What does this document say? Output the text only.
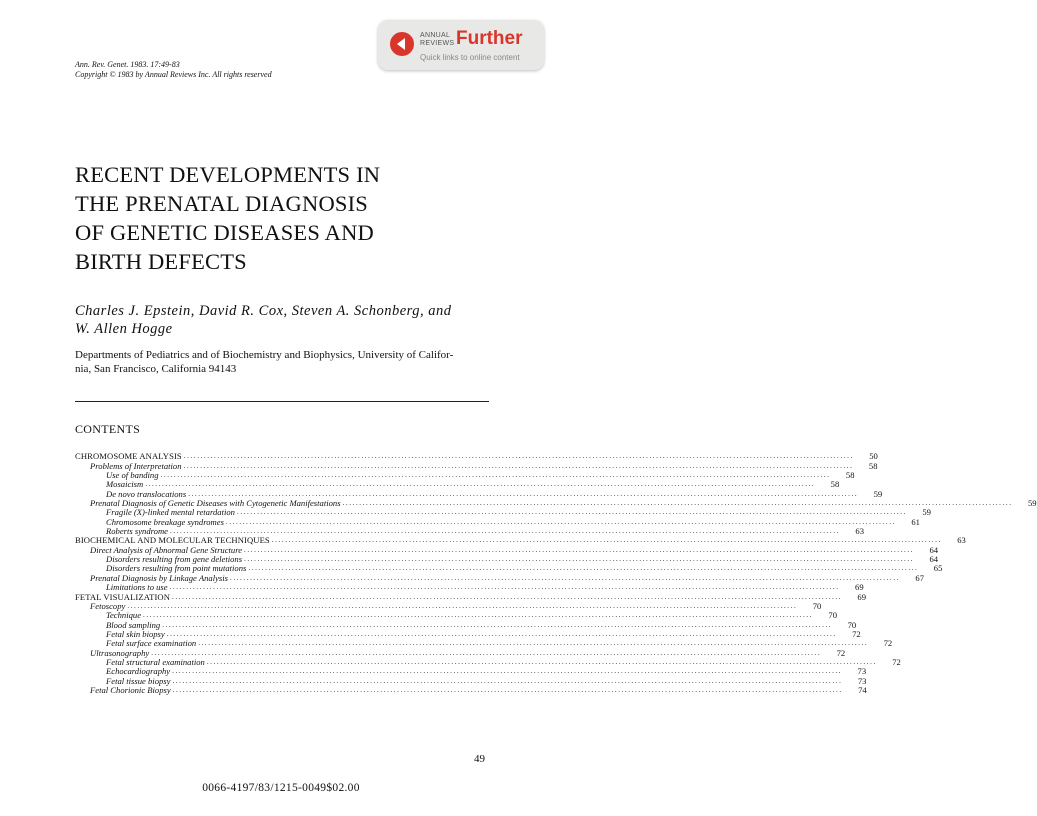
ANNUAL
REVIEWS Further
Quick links to online content
Ann. Rev. Genet. 1983. 17:49-83
Copyright © 1983 by Annual Reviews Inc. All rights reserved
RECENT DEVELOPMENTS IN
THE PRENATAL DIAGNOSIS
OF GENETIC DISEASES AND
BIRTH DEFECTS
Charles J. Epstein, David R. Cox, Steven A. Schonberg, and
W. Allen Hogge
Departments of Pediatrics and of Biochemistry and Biophysics, University of Califor-
nia, San Francisco, California 94143
CONTENTS
CHROMOSOME ANALYSIS ........................................................................................................................................................................................................	50
Problems of Interpretation ........................................................................................................................................................................................................	58
Use of banding ........................................................................................................................................................................................................	58
Mosaicism ........................................................................................................................................................................................................	58
De novo translocations ........................................................................................................................................................................................................	59
Prenatal Diagnosis of Genetic Diseases with Cytogenetic Manifestations ........................................................................................................................................................................................................	59
Fragile (X)-linked mental retardation ........................................................................................................................................................................................................	59
Chromosome breakage syndromes ........................................................................................................................................................................................................	61
Roberts syndrome ........................................................................................................................................................................................................	63
BIOCHEMICAL AND MOLECULAR TECHNIQUES ........................................................................................................................................................................................................	63
Direct Analysis of Abnormal Gene Structure ........................................................................................................................................................................................................	64
Disorders resulting from gene deletions ........................................................................................................................................................................................................	64
Disorders resulting from point mutations ........................................................................................................................................................................................................	65
Prenatal Diagnosis by Linkage Analysis ........................................................................................................................................................................................................	67
Limitations to use ........................................................................................................................................................................................................	69
FETAL VISUALIZATION ........................................................................................................................................................................................................	69
Fetoscopy ........................................................................................................................................................................................................	70
Technique ........................................................................................................................................................................................................	70
Blood sampling ........................................................................................................................................................................................................	70
Fetal skin biopsy ........................................................................................................................................................................................................	72
Fetal surface examination ........................................................................................................................................................................................................	72
Ultrasonography ........................................................................................................................................................................................................	72
Fetal structural examination ........................................................................................................................................................................................................	72
Echocardiography ........................................................................................................................................................................................................	73
Fetal tissue biopsy ........................................................................................................................................................................................................	73
Fetal Chorionic Biopsy ........................................................................................................................................................................................................	74
49
0066-4197/83/1215-0049$02.00
